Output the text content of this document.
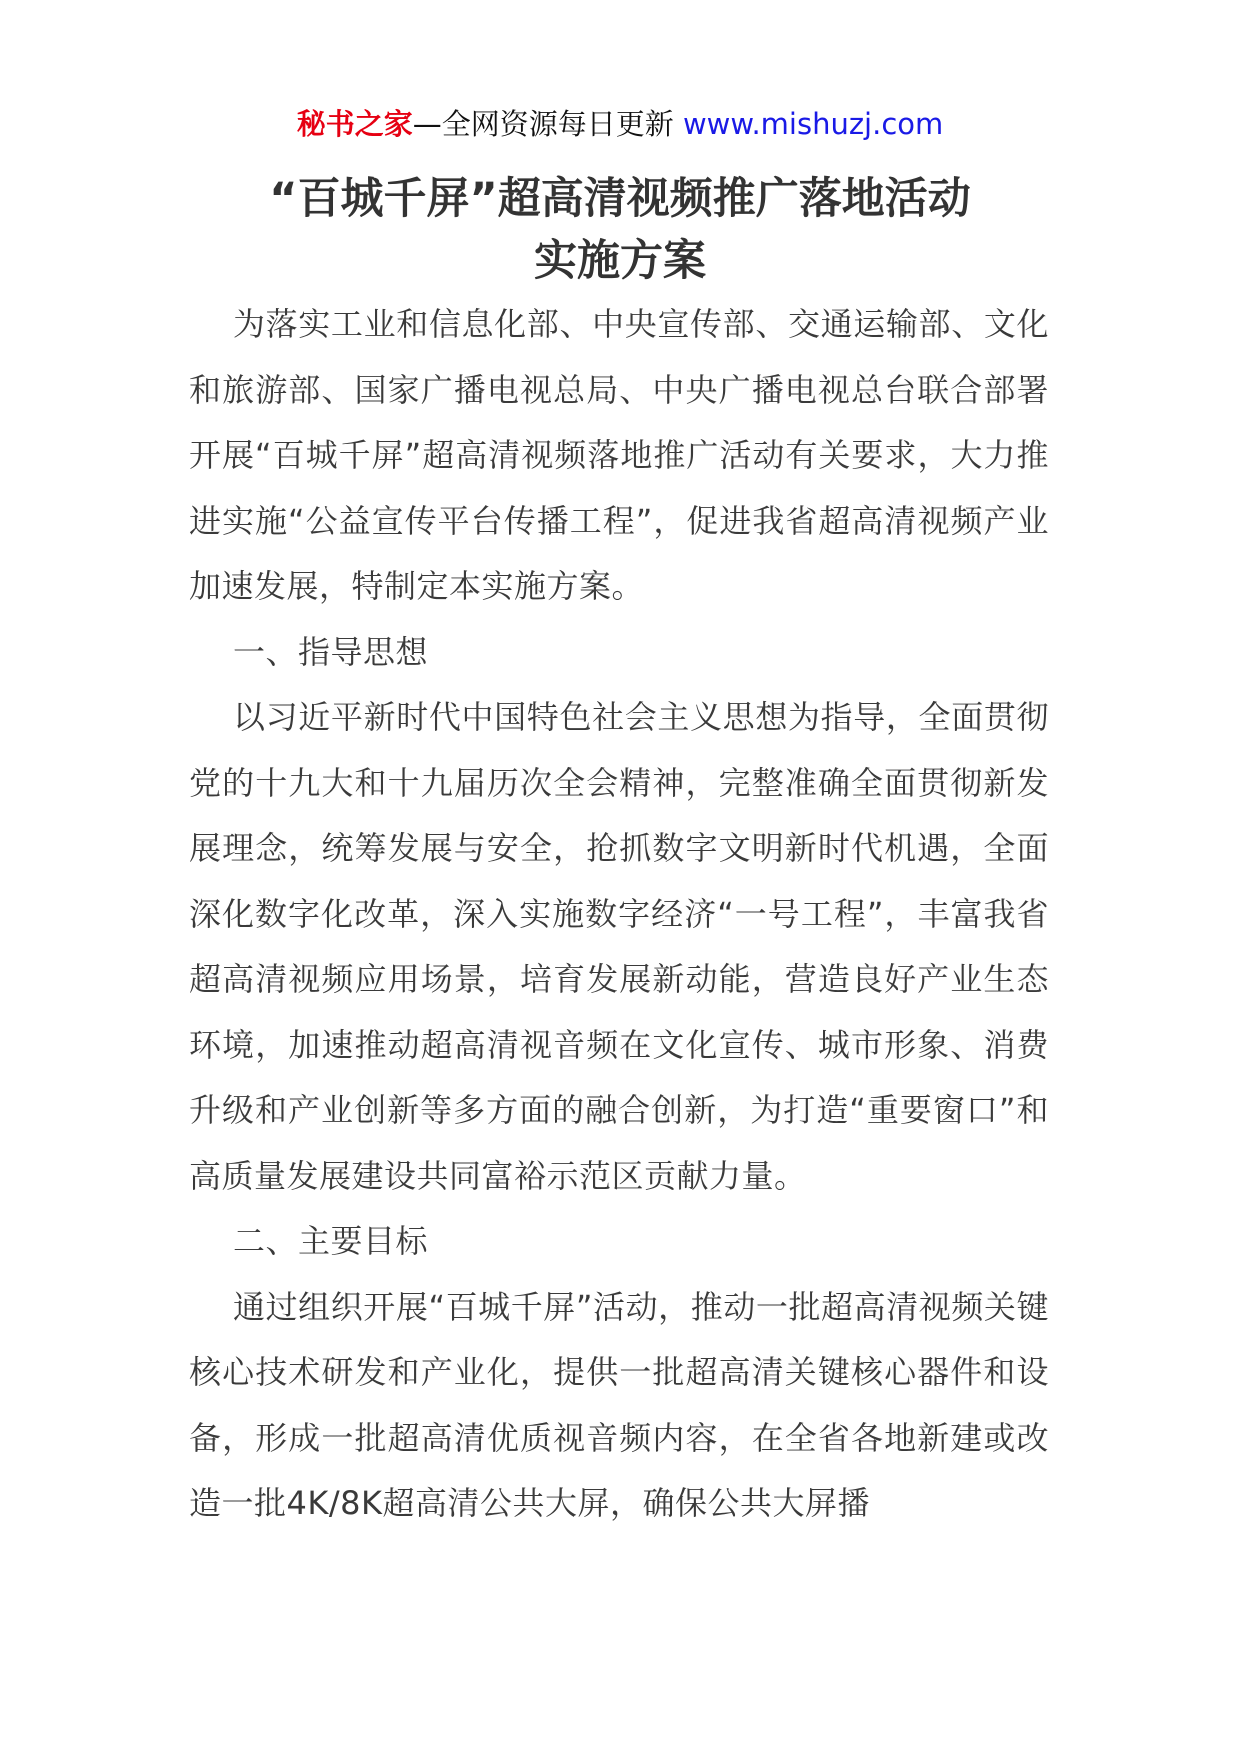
秘书之家—全网资源每日更新 www.mishuzj.com
“百城千屏”超高清视频推广落地活动
实施方案

为落实工业和信息化部、中央宣传部、交通运输部、文化和旅游部、国家广播电视总局、中央广播电视总台联合部署开展“百城千屏”超高清视频落地推广活动有关要求，大力推进实施“公益宣传平台传播工程”，促进我省超高清视频产业加速发展，特制定本实施方案。

一、指导思想

以习近平新时代中国特色社会主义思想为指导，全面贯彻党的十九大和十九届历次全会精神，完整准确全面贯彻新发展理念，统筹发展与安全，抢抓数字文明新时代机遇，全面深化数字化改革，深入实施数字经济“一号工程”，丰富我省超高清视频应用场景，培育发展新动能，营造良好产业生态环境，加速推动超高清视音频在文化宣传、城市形象、消费升级和产业创新等多方面的融合创新，为打造“重要窗口”和高质量发展建设共同富裕示范区贡献力量。

二、主要目标

通过组织开展“百城千屏”活动，推动一批超高清视频关键核心技术研发和产业化，提供一批超高清关键核心器件和设备，形成一批超高清优质视音频内容，在全省各地新建或改造一批4K/8K超高清公共大屏，确保公共大屏播
